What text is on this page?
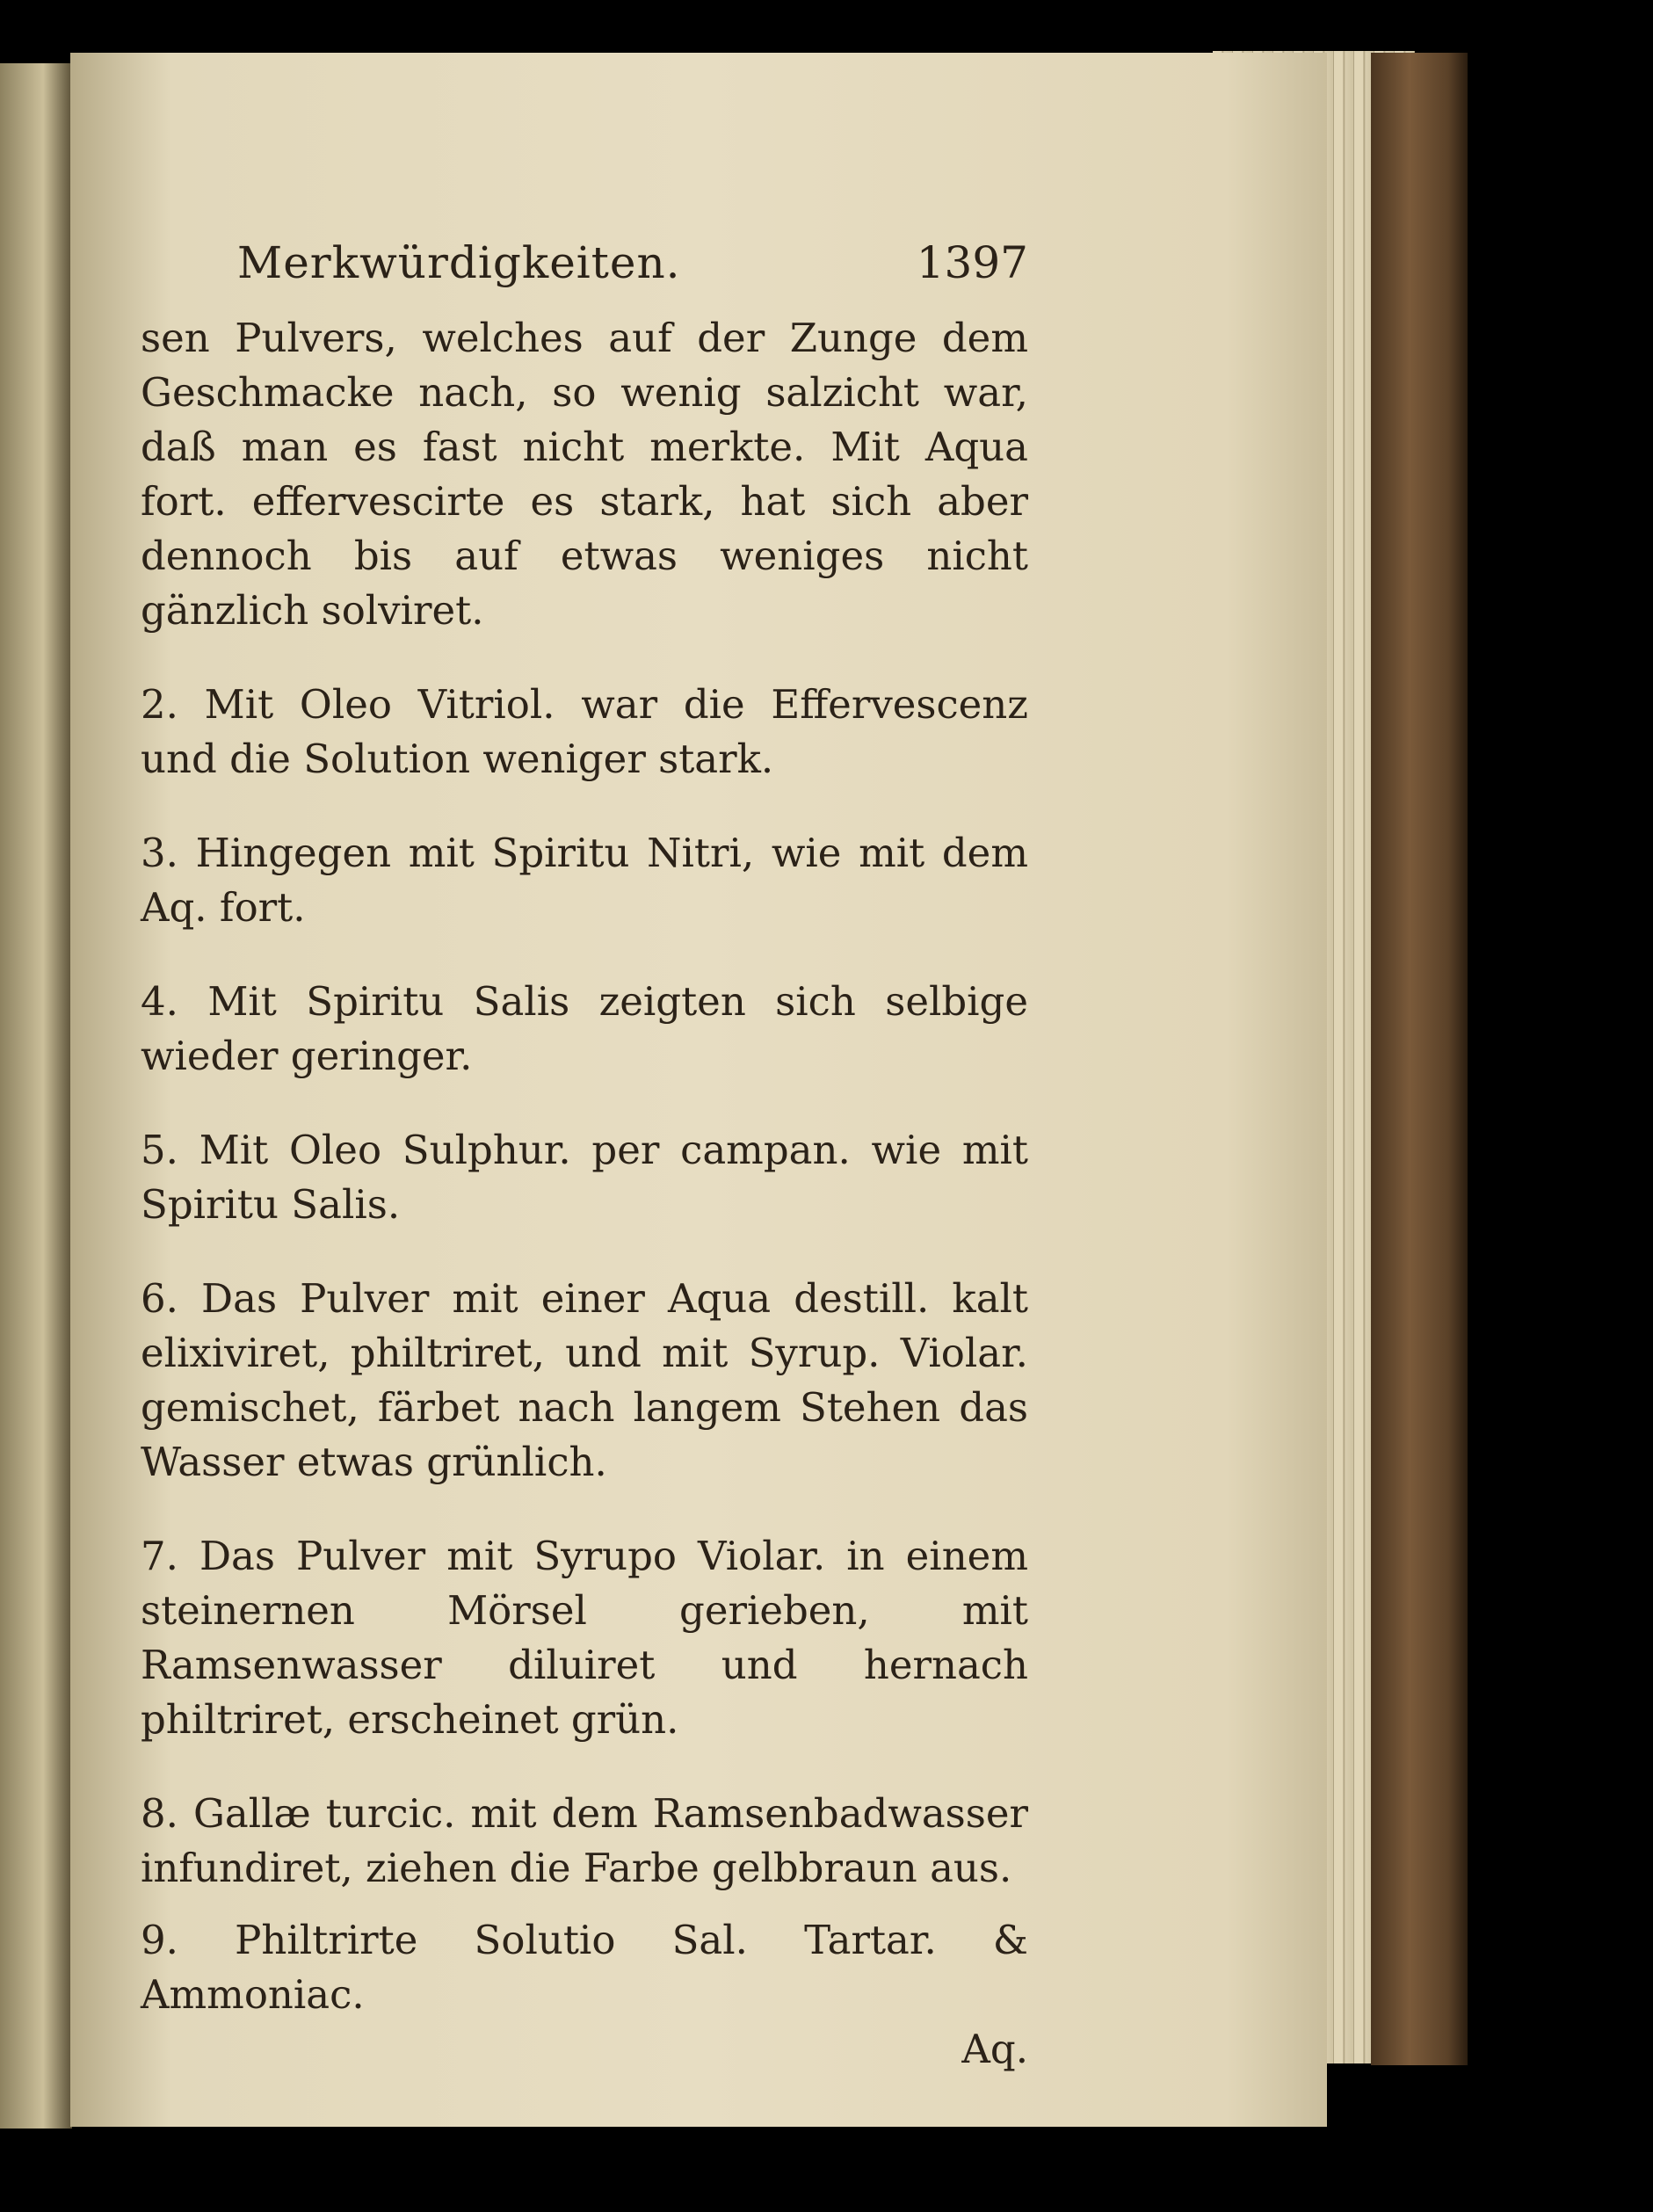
Merkwürdigkeiten.	1397

sen Pulvers, welches auf der Zunge dem Geschmacke nach, so wenig salzicht war, daß man es fast nicht merkte. Mit Aqua fort. effervescirte es stark, hat sich aber dennoch bis auf etwas weniges nicht gänzlich solviret.

2. Mit Oleo Vitriol. war die Effervescenz und die Solution weniger stark.

3. Hingegen mit Spiritu Nitri, wie mit dem Aq. fort.

4. Mit Spiritu Salis zeigten sich selbige wieder geringer.

5. Mit Oleo Sulphur. per campan. wie mit Spiritu Salis.

6. Das Pulver mit einer Aqua destill. kalt elixiviret, philtriret, und mit Syrup. Violar. gemischet, färbet nach langem Stehen das Wasser etwas grünlich.

7. Das Pulver mit Syrupo Violar. in einem steinernen Mörsel gerieben, mit Ramsenwasser diluiret und hernach philtriret, erscheinet grün.

8. Gallæ turcic. mit dem Ramsenbadwasser infundiret, ziehen die Farbe gelbbraun aus.

9. Philtrirte Solutio Sal. Tartar. & Ammoniac.

Aq.
